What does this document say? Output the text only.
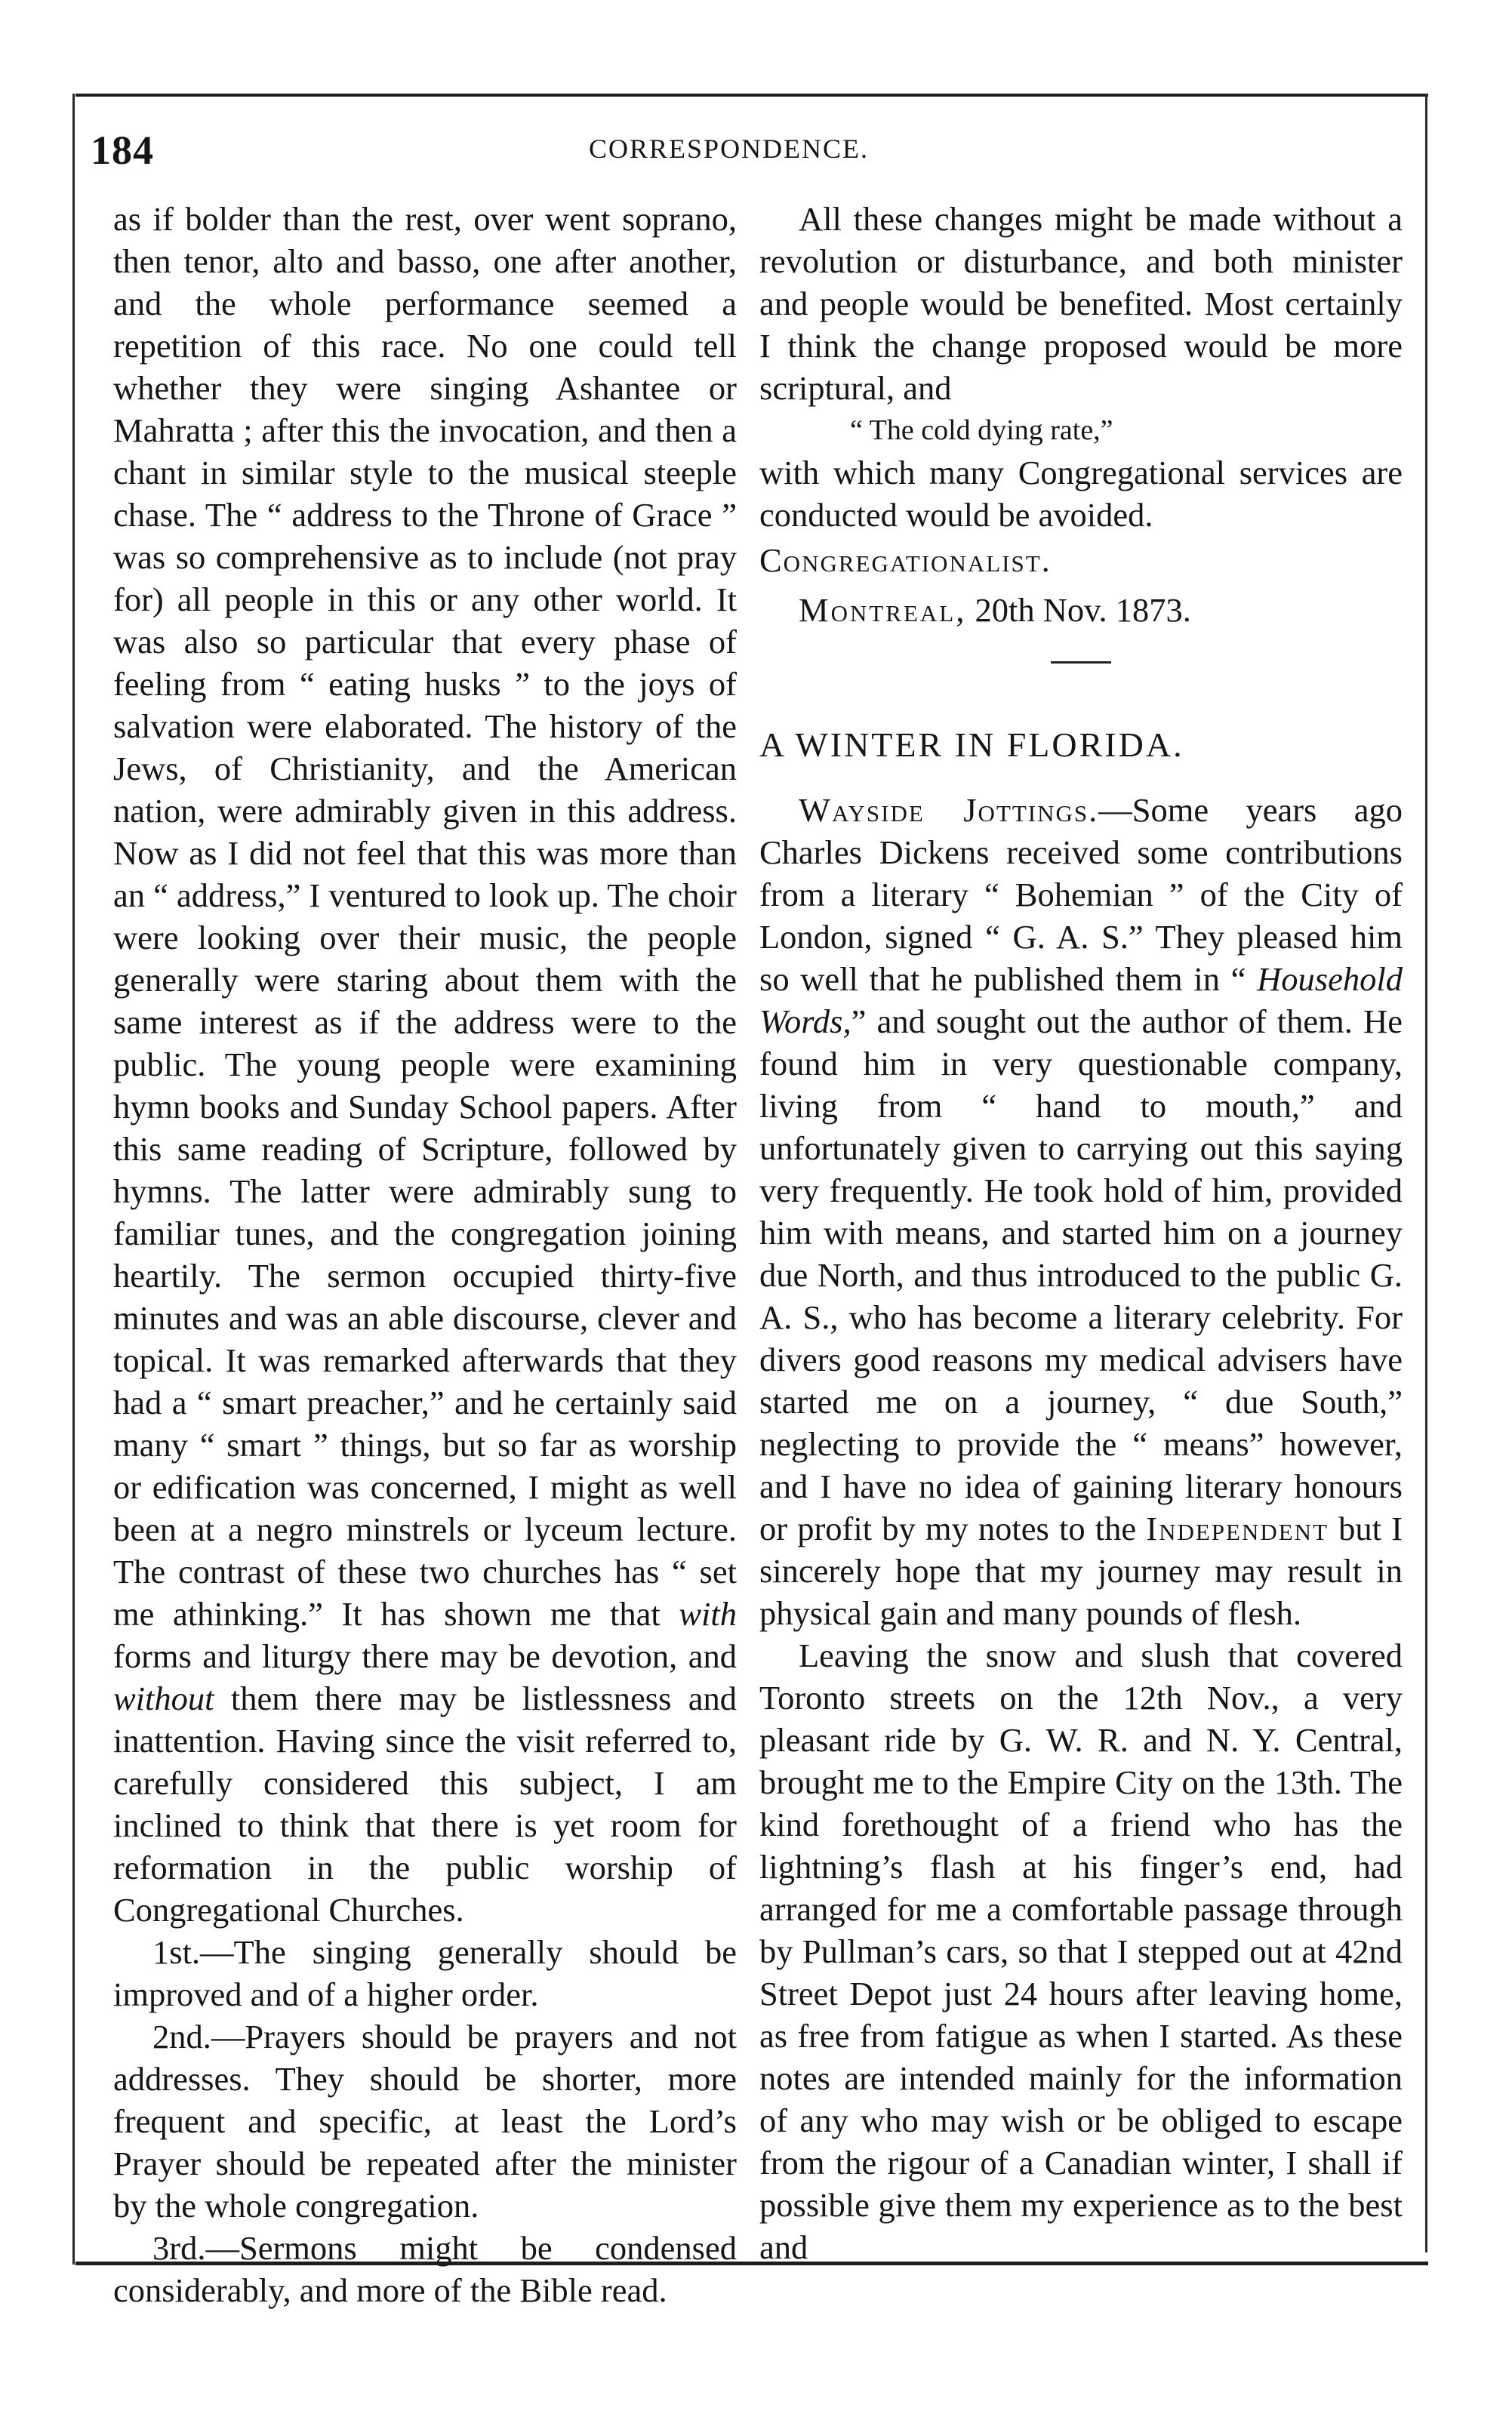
184	CORRESPONDENCE.

as if bolder than the rest, over went soprano, then tenor, alto and basso, one after another, and the whole performance seemed a repetition of this race. No one could tell whether they were singing Ashantee or Mahratta ; after this the invocation, and then a chant in similar style to the musical steeple chase. The “ address to the Throne of Grace ” was so comprehensive as to include (not pray for) all people in this or any other world. It was also so particular that every phase of feeling from “ eating husks ” to the joys of salvation were elaborated. The history of the Jews, of Christianity, and the American nation, were admirably given in this address. Now as I did not feel that this was more than an “ address,” I ventured to look up. The choir were looking over their music, the people generally were staring about them with the same interest as if the address were to the public. The young people were examining hymn books and Sunday School papers. After this same reading of Scripture, followed by hymns. The latter were admirably sung to familiar tunes, and the congregation joining heartily. The sermon occupied thirty-five minutes and was an able discourse, clever and topical. It was remarked afterwards that they had a “ smart preacher,” and he certainly said many “ smart ” things, but so far as worship or edification was concerned, I might as well been at a negro minstrels or lyceum lecture. The contrast of these two churches has “ set me athinking.” It has shown me that with forms and liturgy there may be devotion, and without them there may be listlessness and inattention. Having since the visit referred to, carefully considered this subject, I am inclined to think that there is yet room for reformation in the public worship of Congregational Churches.

1st.—The singing generally should be improved and of a higher order.

2nd.—Prayers should be prayers and not addresses. They should be shorter, more frequent and specific, at least the Lord’s Prayer should be repeated after the minister by the whole congregation.

3rd.—Sermons might be condensed considerably, and more of the Bible read.

All these changes might be made without a revolution or disturbance, and both minister and people would be benefited. Most certainly I think the change proposed would be more scriptural, and

“ The cold dying rate,”

with which many Congregational services are conducted would be avoided.

Congregationalist.

Montreal, 20th Nov. 1873.

A WINTER IN FLORIDA.

Wayside Jottings.—Some years ago Charles Dickens received some contributions from a literary “ Bohemian ” of the City of London, signed “ G. A. S.” They pleased him so well that he published them in “ Household Words,” and sought out the author of them. He found him in very questionable company, living from “ hand to mouth,” and unfortunately given to carrying out this saying very frequently. He took hold of him, provided him with means, and started him on a journey due North, and thus introduced to the public G. A. S., who has become a literary celebrity. For divers good reasons my medical advisers have started me on a journey, “ due South,” neglecting to provide the “ means” however, and I have no idea of gaining literary honours or profit by my notes to the Independent but I sincerely hope that my journey may result in physical gain and many pounds of flesh.

Leaving the snow and slush that covered Toronto streets on the 12th Nov., a very pleasant ride by G. W. R. and N. Y. Central, brought me to the Empire City on the 13th. The kind forethought of a friend who has the lightning’s flash at his finger’s end, had arranged for me a comfortable passage through by Pullman’s cars, so that I stepped out at 42nd Street Depot just 24 hours after leaving home, as free from fatigue as when I started. As these notes are intended mainly for the information of any who may wish or be obliged to escape from the rigour of a Canadian winter, I shall if possible give them my experience as to the best and
